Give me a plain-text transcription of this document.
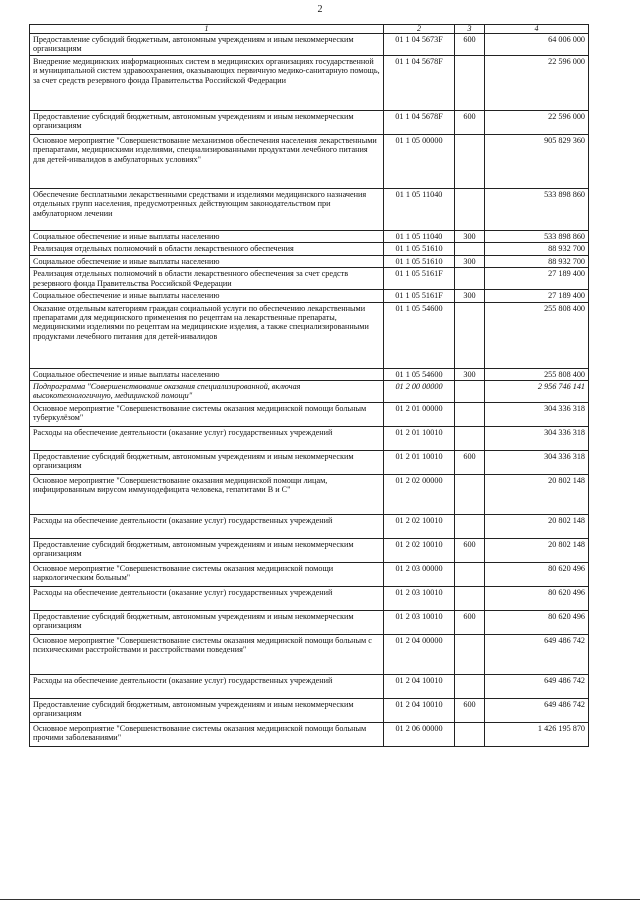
2
1	2	3	4
Предоставление субсидий бюджетным, автономным учреждениям и иным некоммерческим организациям	01 1 04 5673F	600	64 006 000
Внедрение медицинских информационных систем в медицинских организациях государственной и муниципальной систем здравоохранения, оказывающих первичную медико-санитарную помощь, за счет средств резервного фонда Правительства Российской Федерации	01 1 04 5678F		22 596 000
Предоставление субсидий бюджетным, автономным учреждениям и иным некоммерческим организациям	01 1 04 5678F	600	22 596 000
Основное мероприятие "Совершенствование механизмов обеспечения населения лекарственными препаратами, медицинскими изделиями, специализированными продуктами лечебного питания для детей-инвалидов в амбулаторных условиях"	01 1 05 00000		905 829 360
Обеспечение бесплатными лекарственными средствами и изделиями медицинского назначения отдельных групп населения, предусмотренных действующим законодательством при амбулаторном лечении	01 1 05 11040		533 898 860
Социальное обеспечение и иные выплаты населению	01 1 05 11040	300	533 898 860
Реализация отдельных полномочий в области лекарственного обеспечения	01 1 05 51610		88 932 700
Социальное обеспечение и иные выплаты населению	01 1 05 51610	300	88 932 700
Реализация отдельных полномочий в области лекарственного обеспечения за счет средств резервного фонда Правительства Российской Федерации	01 1 05 5161F		27 189 400
Социальное обеспечение и иные выплаты населению	01 1 05 5161F	300	27 189 400
Оказание отдельным категориям граждан социальной услуги по обеспечению лекарственными препаратами для медицинского применения по рецептам на лекарственные препараты, медицинскими изделиями по рецептам на медицинские изделия, а также специализированными продуктами лечебного питания для детей-инвалидов	01 1 05 54600		255 808 400
Социальное обеспечение и иные выплаты населению	01 1 05 54600	300	255 808 400
Подпрограмма "Совершенствование оказания специализированной, включая высокотехнологичную, медицинской помощи"	01 2 00 00000		2 956 746 141
Основное мероприятие "Совершенствование системы оказания медицинской помощи больным туберкулёзом"	01 2 01 00000		304 336 318
Расходы на обеспечение деятельности (оказание услуг) государственных учреждений	01 2 01 10010		304 336 318
Предоставление субсидий бюджетным, автономным учреждениям и иным некоммерческим организациям	01 2 01 10010	600	304 336 318
Основное мероприятие "Совершенствование оказания медицинской помощи лицам, инфицированным вирусом иммунодефицита человека, гепатитами В и С"	01 2 02 00000		20 802 148
Расходы на обеспечение деятельности (оказание услуг) государственных учреждений	01 2 02 10010		20 802 148
Предоставление субсидий бюджетным, автономным учреждениям и иным некоммерческим организациям	01 2 02 10010	600	20 802 148
Основное мероприятие "Совершенствование системы оказания медицинской помощи наркологическим больным"	01 2 03 00000		80 620 496
Расходы на обеспечение деятельности (оказание услуг) государственных учреждений	01 2 03 10010		80 620 496
Предоставление субсидий бюджетным, автономным учреждениям и иным некоммерческим организациям	01 2 03 10010	600	80 620 496
Основное мероприятие "Совершенствование системы оказания медицинской помощи больным с психическими расстройствами и расстройствами поведения"	01 2 04 00000		649 486 742
Расходы на обеспечение деятельности (оказание услуг) государственных учреждений	01 2 04 10010		649 486 742
Предоставление субсидий бюджетным, автономным учреждениям и иным некоммерческим организациям	01 2 04 10010	600	649 486 742
Основное мероприятие "Совершенствование системы оказания медицинской помощи больным прочими заболеваниями"	01 2 06 00000		1 426 195 870
